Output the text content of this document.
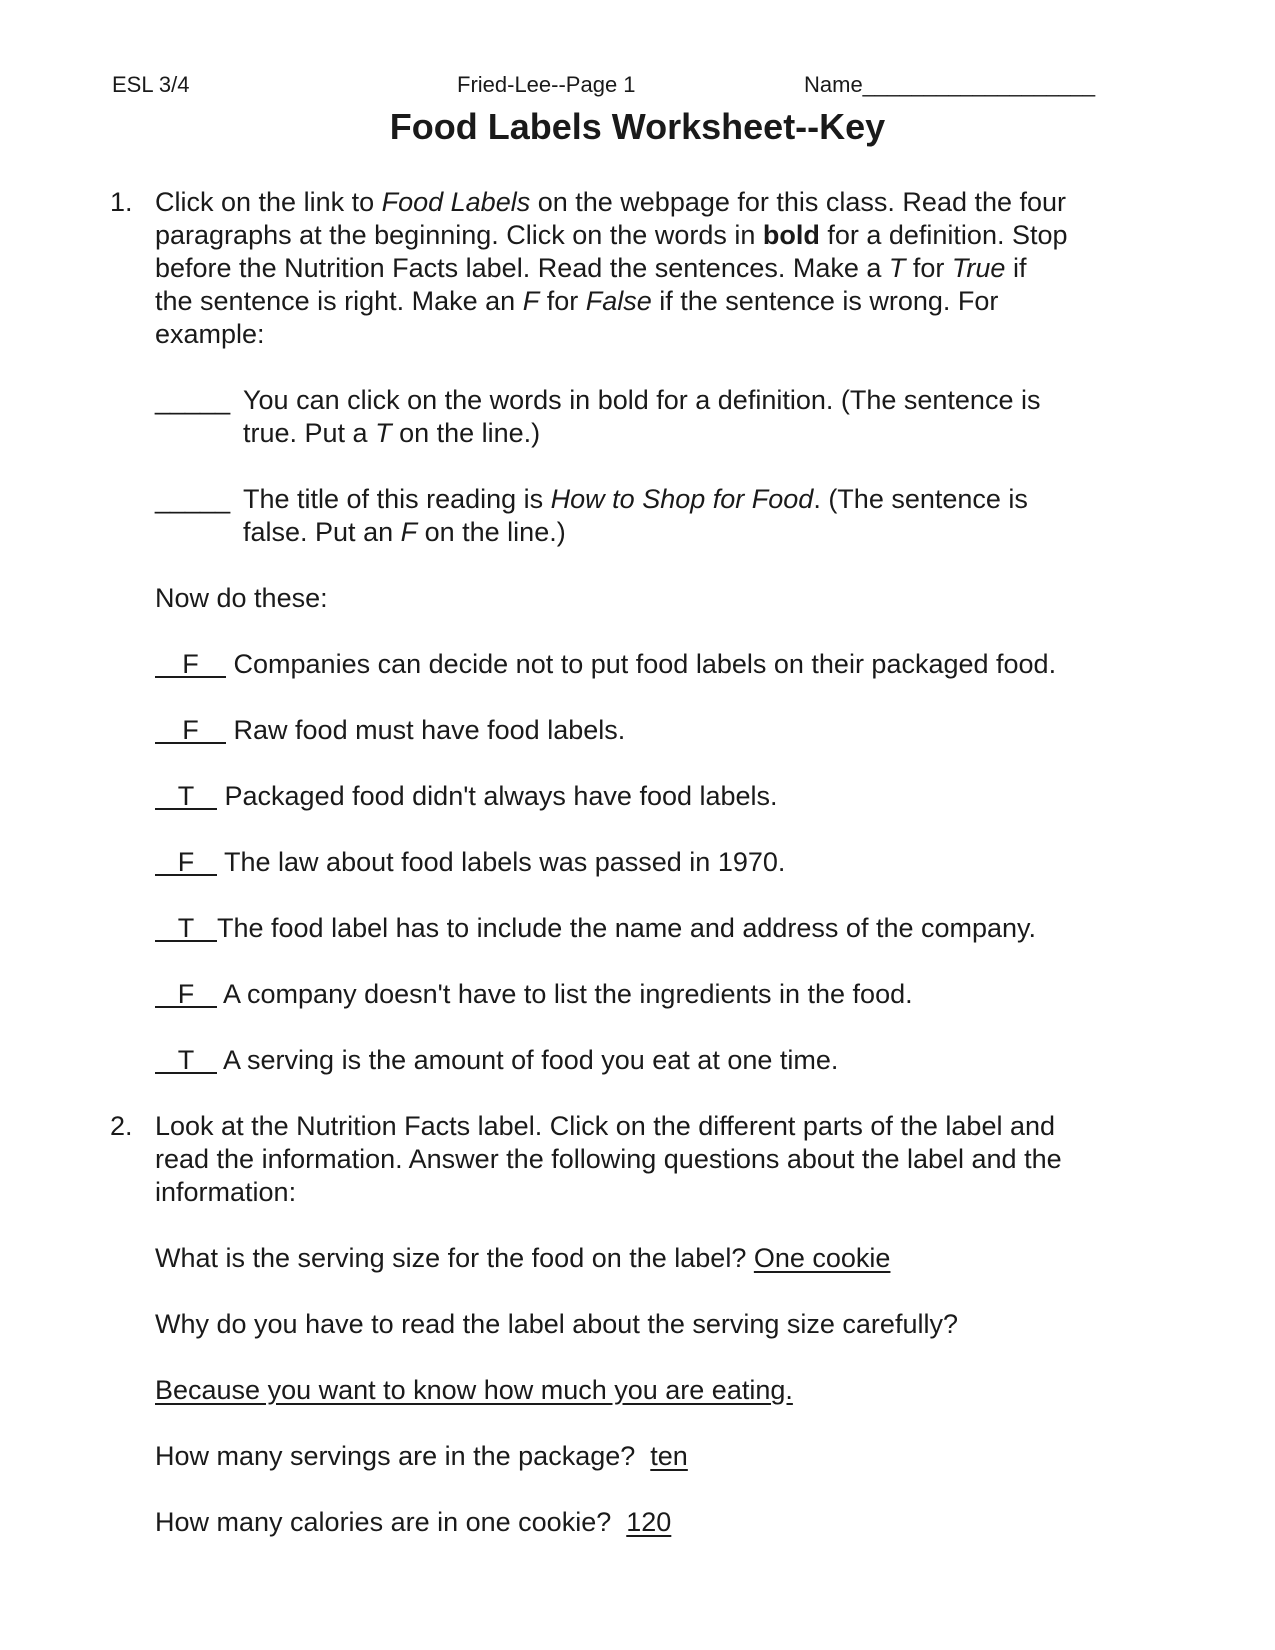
ESL 3/4	Fried-Lee--Page 1	Name___________________
Food Labels Worksheet--Key
1. Click on the link to Food Labels on the webpage for this class. Read the four
paragraphs at the beginning. Click on the words in bold for a definition. Stop
before the Nutrition Facts label. Read the sentences. Make a T for True if
the sentence is right. Make an F for False if the sentence is wrong. For
example:
_____ You can click on the words in bold for a definition. (The sentence is
true. Put a T on the line.)
_____ The title of this reading is How to Shop for Food. (The sentence is
false. Put an F on the line.)
Now do these:
F Companies can decide not to put food labels on their packaged food.
F Raw food must have food labels.
T Packaged food didn't always have food labels.
F The law about food labels was passed in 1970.
T The food label has to include the name and address of the company.
F A company doesn't have to list the ingredients in the food.
T A serving is the amount of food you eat at one time.
2. Look at the Nutrition Facts label. Click on the different parts of the label and
read the information. Answer the following questions about the label and the
information:
What is the serving size for the food on the label? One cookie
Why do you have to read the label about the serving size carefully?
Because you want to know how much you are eating.
How many servings are in the package? ten
How many calories are in one cookie? 120
